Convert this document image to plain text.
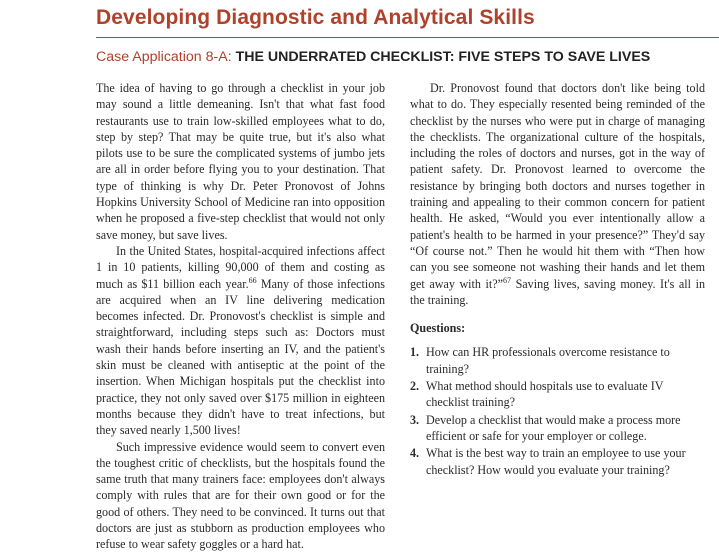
Developing Diagnostic and Analytical Skills
Case Application 8-A: THE UNDERRATED CHECKLIST: FIVE STEPS TO SAVE LIVES

The idea of having to go through a checklist in your job may sound a little demeaning. Isn't that what fast food restaurants use to train low-skilled employees what to do, step by step? That may be quite true, but it's also what pilots use to be sure the complicated systems of jumbo jets are all in order before flying you to your destination. That type of thinking is why Dr. Peter Pronovost of Johns Hopkins University School of Medicine ran into opposition when he proposed a five-step checklist that would not only save money, but save lives.

In the United States, hospital-acquired infections affect 1 in 10 patients, killing 90,000 of them and costing as much as $11 billion each year.$^{66}$ Many of those infections are acquired when an IV line delivering medication becomes infected. Dr. Pronovost's checklist is simple and straightforward, including steps such as: Doctors must wash their hands before inserting an IV, and the patient's skin must be cleaned with antiseptic at the point of the insertion. When Michigan hospitals put the checklist into practice, they not only saved over $175 million in eighteen months because they didn't have to treat infections, but they saved nearly 1,500 lives!

Such impressive evidence would seem to convert even the toughest critic of checklists, but the hospitals found the same truth that many trainers face: employees don't always comply with rules that are for their own good or for the good of others. They need to be convinced. It turns out that doctors are just as stubborn as production employees who refuse to wear safety goggles or a hard hat.

Dr. Pronovost found that doctors don't like being told what to do. They especially resented being reminded of the checklist by the nurses who were put in charge of managing the checklists. The organizational culture of the hospitals, including the roles of doctors and nurses, got in the way of patient safety. Dr. Pronovost learned to overcome the resistance by bringing both doctors and nurses together in training and appealing to their common concern for patient health. He asked, “Would you ever intentionally allow a patient's health to be harmed in your presence?” They'd say “Of course not.” Then he would hit them with “Then how can you see someone not washing their hands and let them get away with it?”$^{67}$ Saving lives, saving money. It's all in the training.

Questions:
1. How can HR professionals overcome resistance to training?
2. What method should hospitals use to evaluate IV checklist training?
3. Develop a checklist that would make a process more efficient or safe for your employer or college.
4. What is the best way to train an employee to use your checklist? How would you evaluate your training?
